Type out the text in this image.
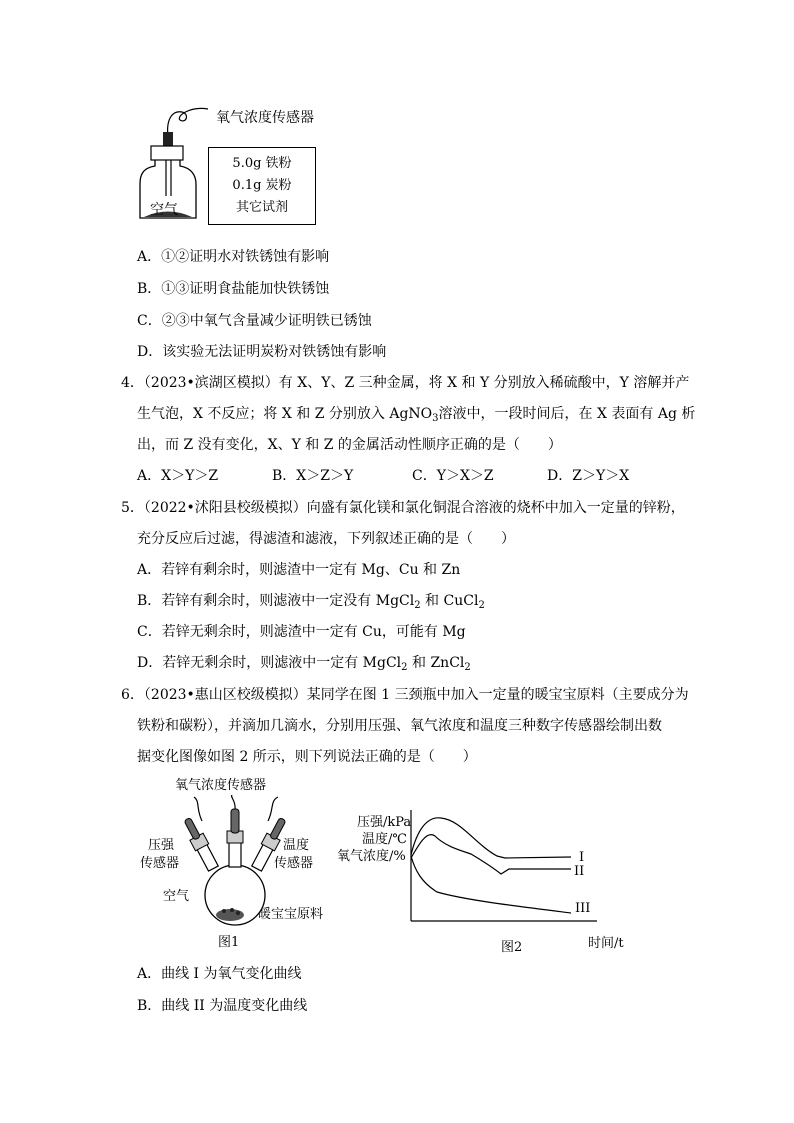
氧气浓度传感器
空气
5.0g 铁粉
0.1g 炭粉
其它试剂
A．①②证明水对铁锈蚀有影响
B．①③证明食盐能加快铁锈蚀
C．②③中氧气含量减少证明铁已锈蚀
D．该实验无法证明炭粉对铁锈蚀有影响
4．（2023•滨湖区模拟）有 X、Y、Z 三种金属，将 X 和 Y 分别放入稀硫酸中，Y 溶解并产
生气泡，X 不反应；将 X 和 Z 分别放入 AgNO$_3$溶液中，一段时间后，在 X 表面有 Ag 析
出，而 Z 没有变化，X、Y 和 Z 的金属活动性顺序正确的是（　　）
A．X＞Y＞Z	B．X＞Z＞Y	C．Y＞X＞Z	D．Z＞Y＞X
5．（2022•沭阳县校级模拟）向盛有氯化镁和氯化铜混合溶液的烧杯中加入一定量的锌粉，
充分反应后过滤，得滤渣和滤液，下列叙述正确的是（　　）
A．若锌有剩余时，则滤渣中一定有 Mg、Cu 和 Zn
B．若锌有剩余时，则滤液中一定没有 MgCl$_2$ 和 CuCl$_2$
C．若锌无剩余时，则滤渣中一定有 Cu，可能有 Mg
D．若锌无剩余时，则滤液中一定有 MgCl$_2$ 和 ZnCl$_2$
6．（2023•惠山区校级模拟）某同学在图 1 三颈瓶中加入一定量的暖宝宝原料（主要成分为
铁粉和碳粉），并滴加几滴水，分别用压强、氧气浓度和温度三种数字传感器绘制出数
据变化图像如图 2 所示，则下列说法正确的是（　　）
氧气浓度传感器
压强
传感器
温度
传感器
空气
暖宝宝原料
图1
压强/kPa
温度/℃
氧气浓度/%
时间/t
图2
I
II
III
A．曲线 I 为氧气变化曲线
B．曲线 II 为温度变化曲线
